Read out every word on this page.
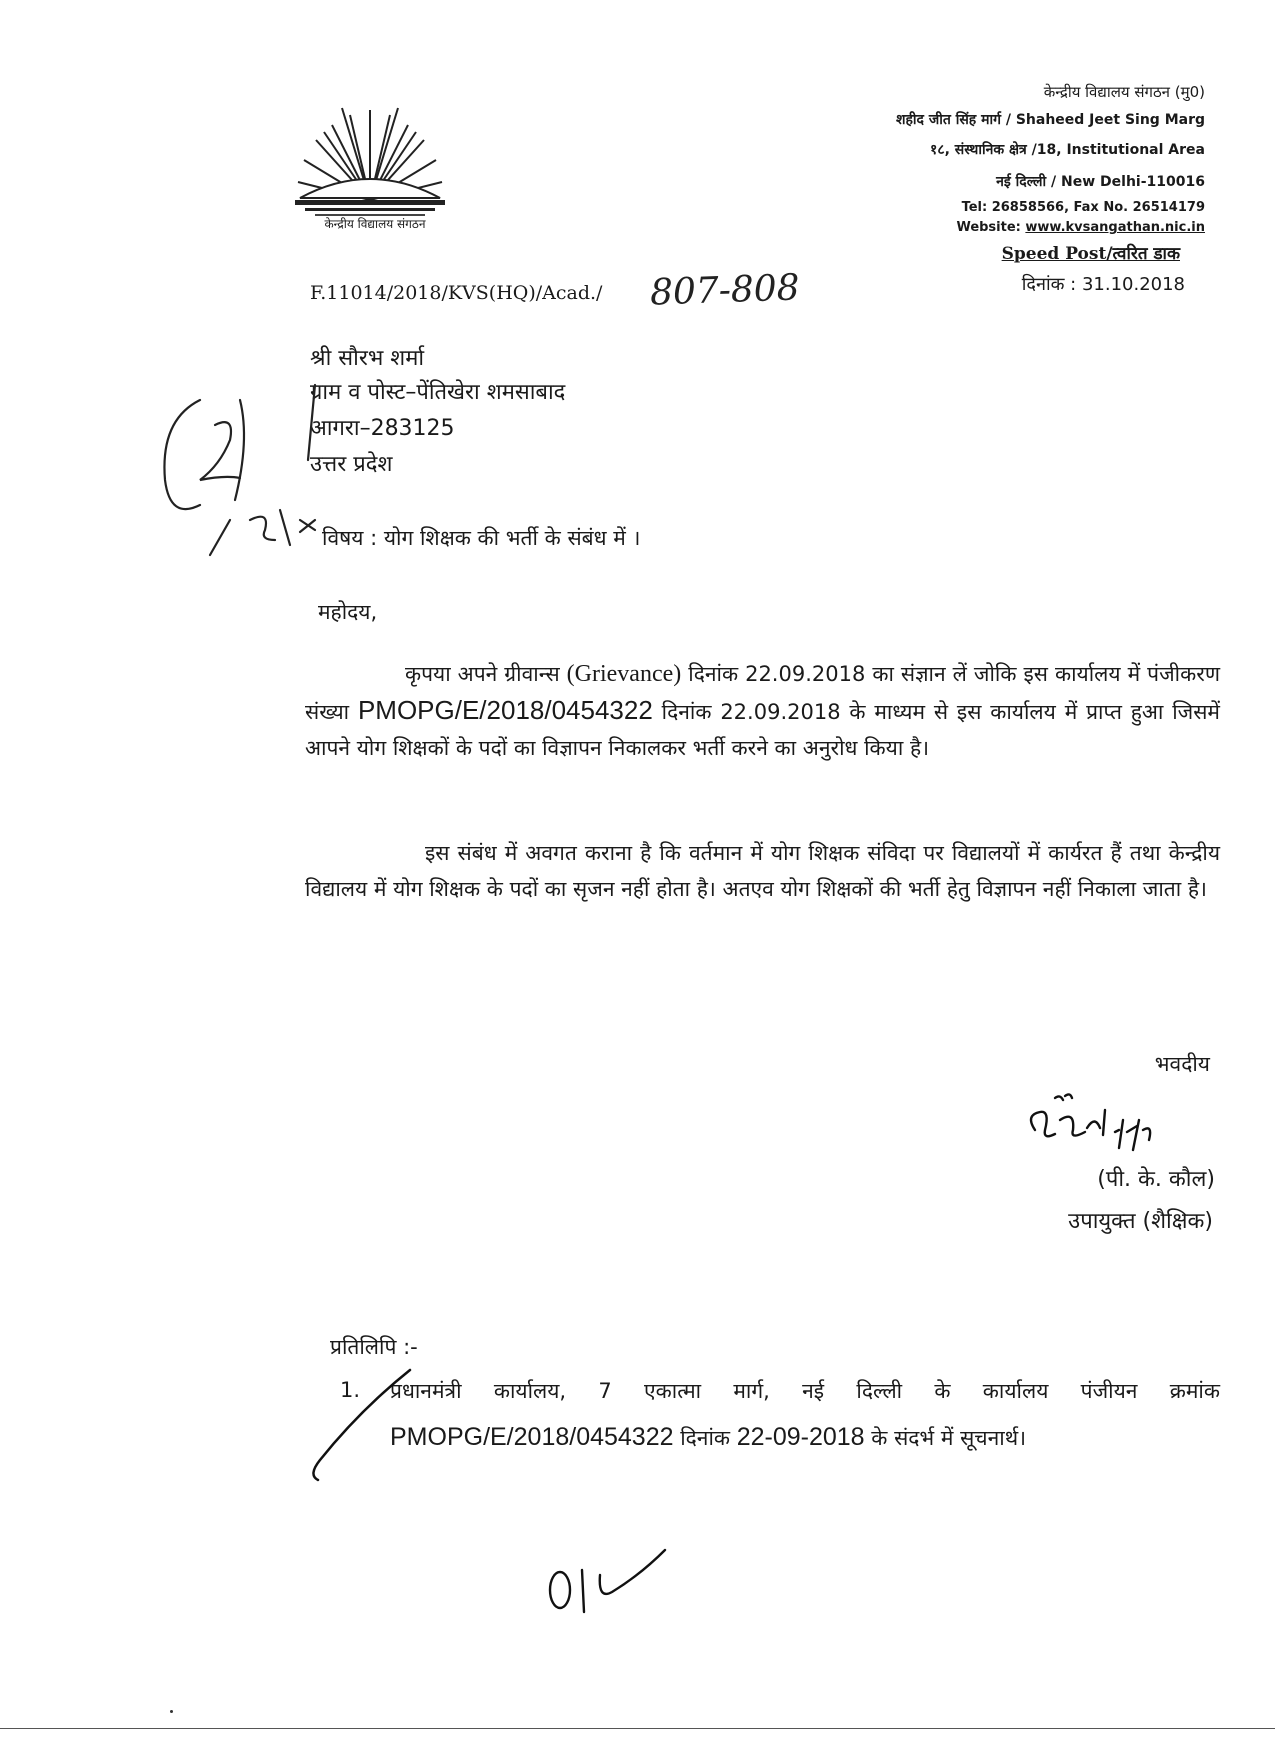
केन्द्रीय विद्यालय संगठन
केन्द्रीय विद्यालय संगठन (मु0)
शहीद जीत सिंह मार्ग / Shaheed Jeet Sing Marg
१८, संस्थानिक क्षेत्र /18, Institutional Area
नई दिल्ली / New Delhi-110016
Tel: 26858566, Fax No. 26514179
Website: www.kvsangathan.nic.in
Speed Post/त्वरित डाक
दिनांक : 31.10.2018
F.11014/2018/KVS(HQ)/Acad./ 807-808
श्री सौरभ शर्मा
ग्राम व पोस्ट–पेंतिखेरा शमसाबाद
आगरा–283125
उत्तर प्रदेश
विषय : योग शिक्षक की भर्ती के संबंध में ।
महोदय,
कृपया अपने ग्रीवान्स (Grievance) दिनांक 22.09.2018 का संज्ञान लें जोकि इस कार्यालय में पंजीकरण संख्या PMOPG/E/2018/0454322 दिनांक 22.09.2018 के माध्यम से इस कार्यालय में प्राप्त हुआ जिसमें आपने योग शिक्षकों के पदों का विज्ञापन निकालकर भर्ती करने का अनुरोध किया है।
इस संबंध में अवगत कराना है कि वर्तमान में योग शिक्षक संविदा पर विद्यालयों में कार्यरत हैं तथा केन्द्रीय विद्यालय में योग शिक्षक के पदों का सृजन नहीं होता है। अतएव योग शिक्षकों की भर्ती हेतु विज्ञापन नहीं निकाला जाता है।
भवदीय
(पी. के. कौल)
उपायुक्त (शैक्षिक)
प्रतिलिपि :-
1. प्रधानमंत्री कार्यालय, 7 एकात्मा मार्ग, नई दिल्ली के कार्यालय पंजीयन क्रमांक PMOPG/E/2018/0454322 दिनांक 22-09-2018 के संदर्भ में सूचनार्थ।
